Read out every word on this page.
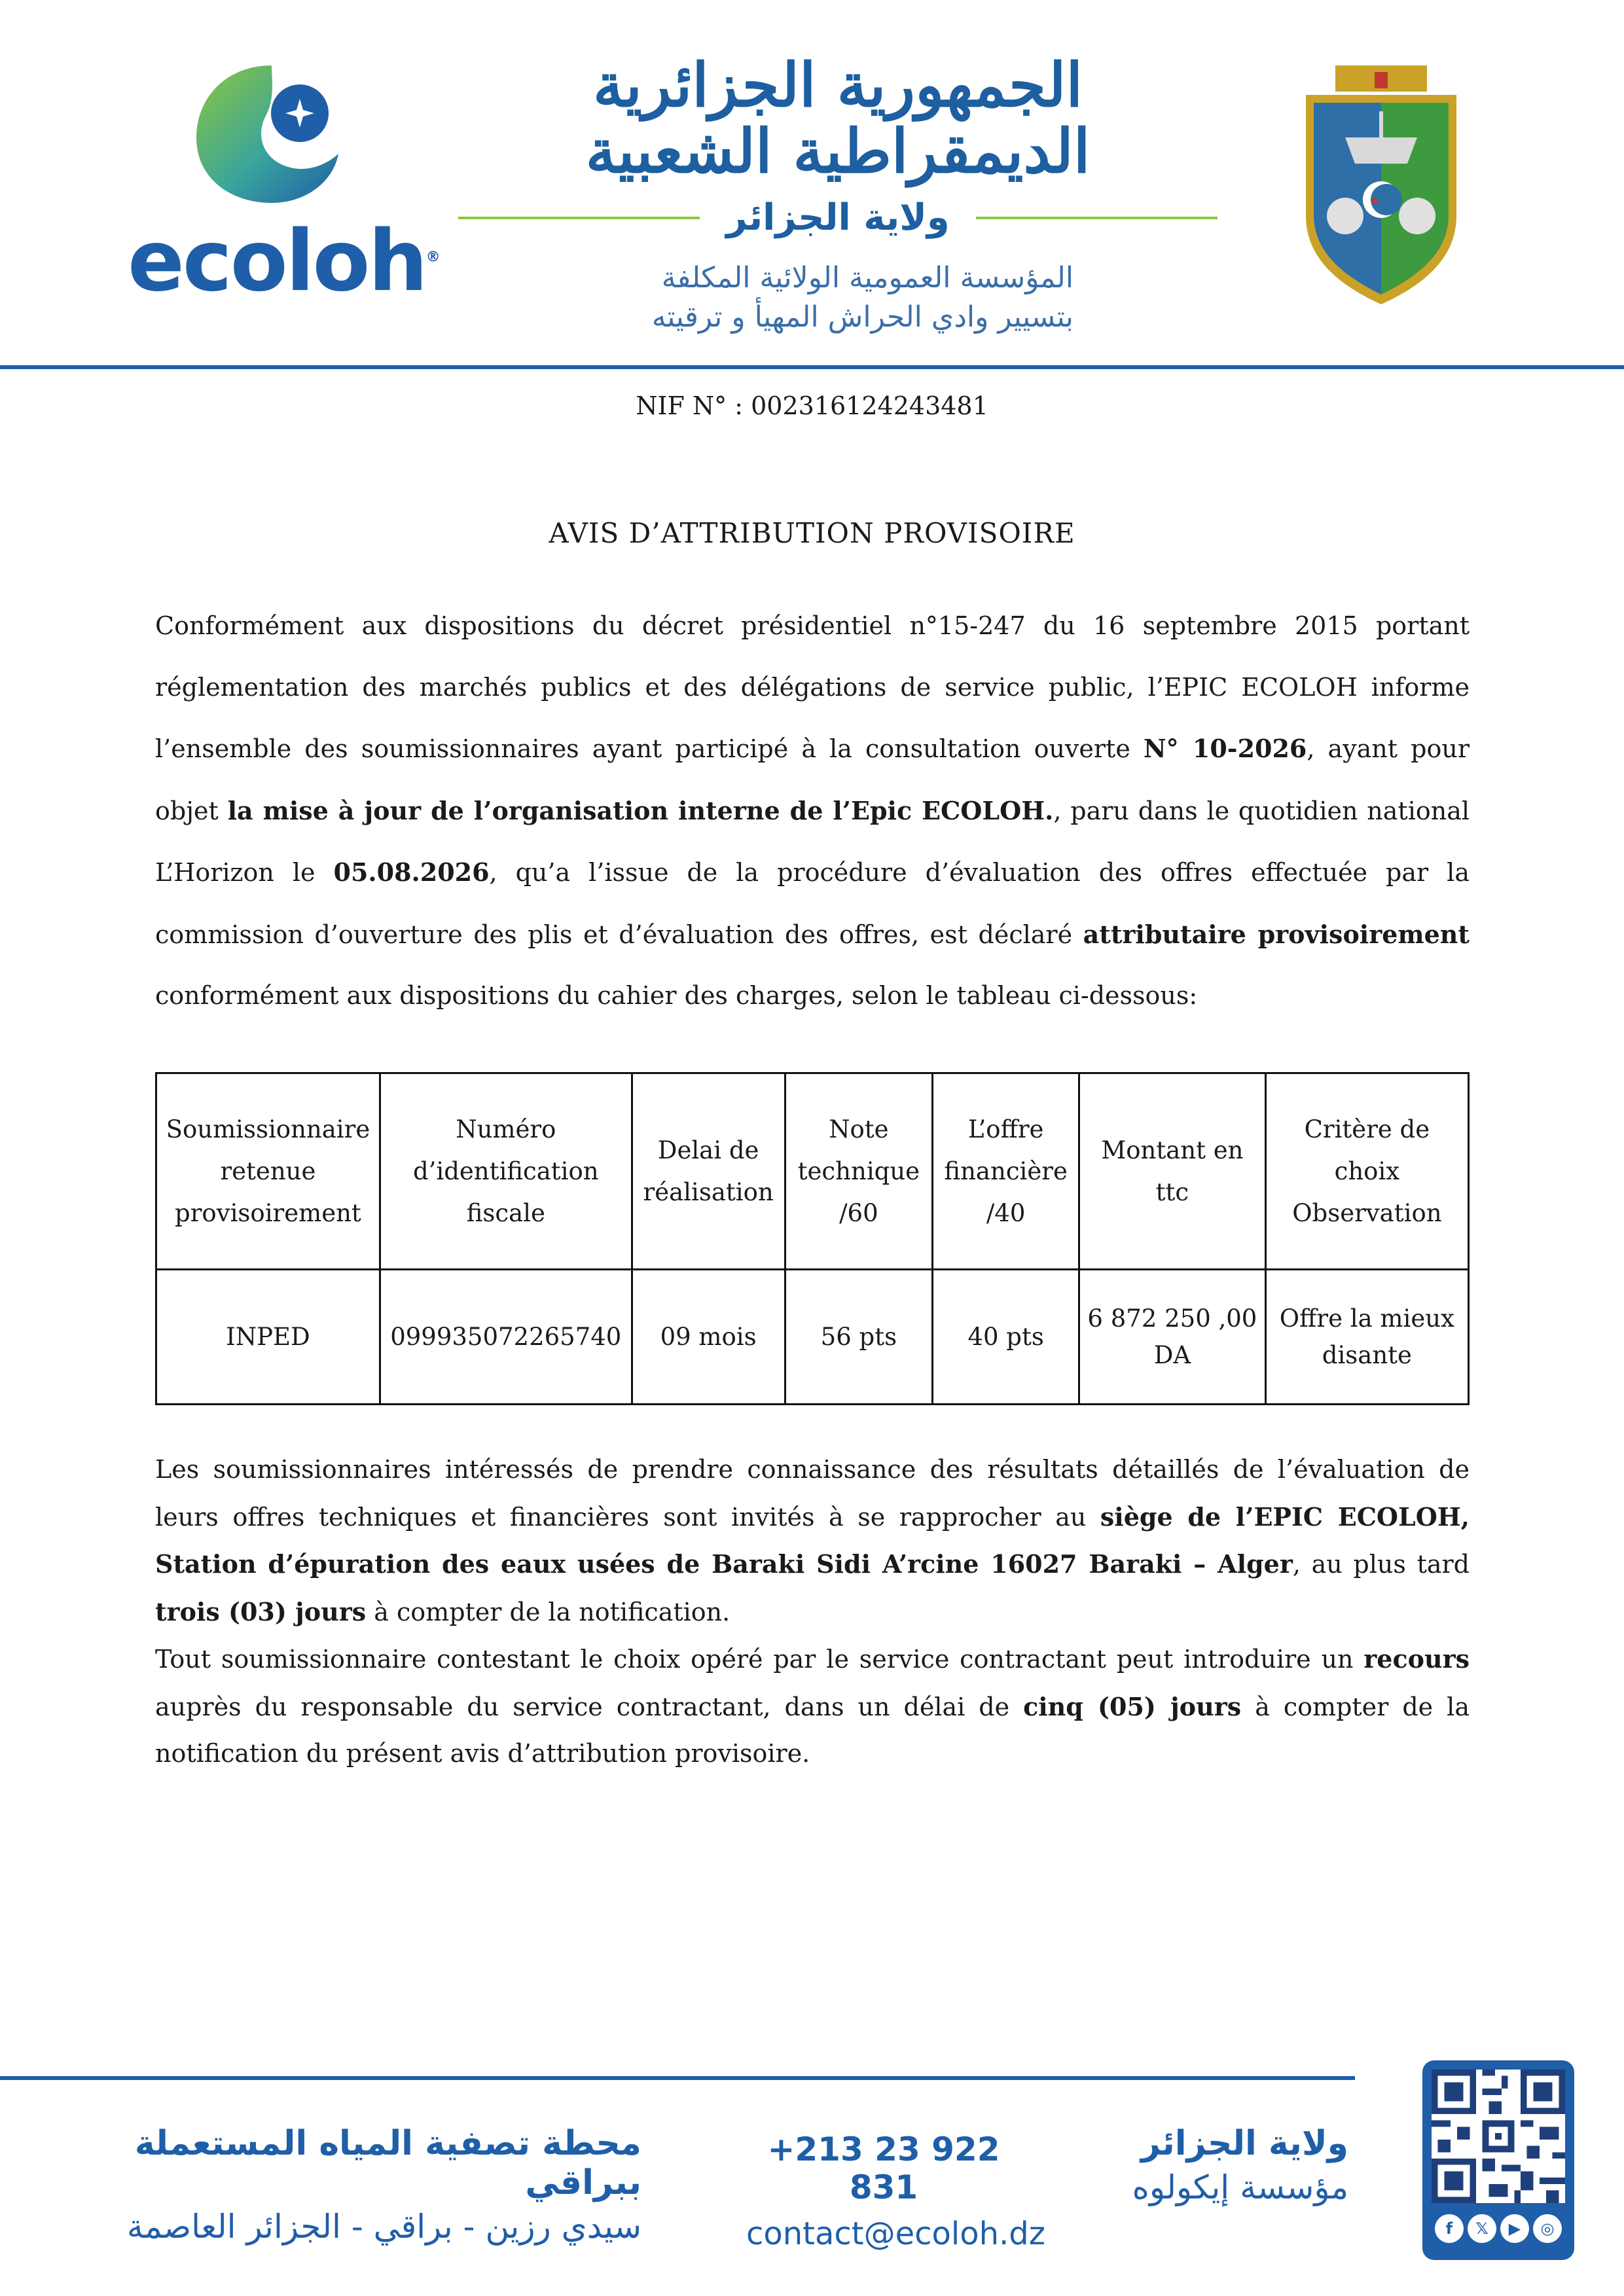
ecoloh®
الجمهورية الجزائرية الديمقراطية الشعبية
ولاية الجزائر
المؤسسة العمومية الولائية المكلفة
بتسيير وادي الحراش المهيأ و ترقيته
NIF N° : 002316124243481
AVIS D’ATTRIBUTION PROVISOIRE
Conformément aux dispositions du décret présidentiel n°15-247 du 16 septembre 2015 portant réglementation des marchés publics et des délégations de service public, l’EPIC ECOLOH informe l’ensemble des soumissionnaires ayant participé à la consultation ouverte N° 10-2026, ayant pour objet la mise à jour de l’organisation interne de l’Epic ECOLOH., paru dans le quotidien national L’Horizon le 05.08.2026, qu’a l’issue de la procédure d’évaluation des offres effectuée par la commission d’ouverture des plis et d’évaluation des offres, est déclaré attributaire provisoirement conformément aux dispositions du cahier des charges, selon le tableau ci-dessous:
Soumissionnaire retenue provisoirement	Numéro d’identification fiscale	Delai de réalisation	Note technique /60	L’offre financière /40	Montant en ttc	Critère de choix Observation
INPED	099935072265740	09 mois	56 pts	40 pts	6 872 250 ,00 DA	Offre la mieux disante
Les soumissionnaires intéressés de prendre connaissance des résultats détaillés de l’évaluation de leurs offres techniques et financières sont invités à se rapprocher au siège de l’EPIC ECOLOH, Station d’épuration des eaux usées de Baraki Sidi A’rcine 16027 Baraki – Alger, au plus tard trois (03) jours à compter de la notification.
Tout soumissionnaire contestant le choix opéré par le service contractant peut introduire un recours auprès du responsable du service contractant, dans un délai de cinq (05) jours à compter de la notification du présent avis d’attribution provisoire.
محطة تصفية المياه المستعملة ببراقي
سيدي رزين - براقي - الجزائر العاصمة
+213 23 922 831
contact@ecoloh.dz
ولاية الجزائر
مؤسسة إيكولوه
f	𝕏	▶	◎
